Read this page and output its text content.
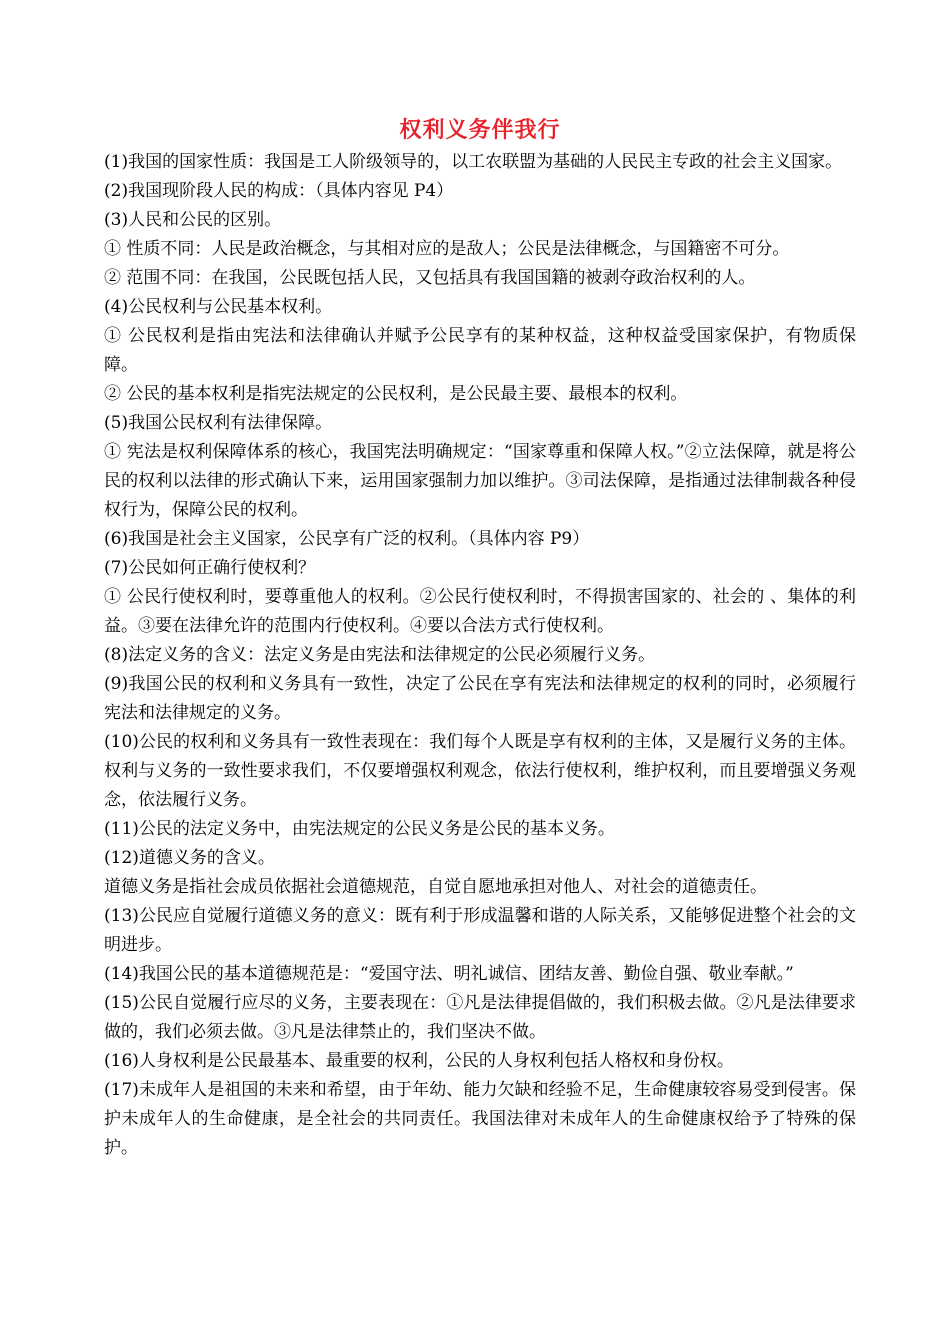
权利义务伴我行

(1)我国的国家性质：我国是工人阶级领导的，以工农联盟为基础的人民民主专政的社会主义国家。

(2)我国现阶段人民的构成：（具体内容见 P4）

(3)人民和公民的区别。

① 性质不同：人民是政治概念，与其相对应的是敌人；公民是法律概念，与国籍密不可分。

② 范围不同：在我国，公民既包括人民，又包括具有我国国籍的被剥夺政治权利的人。

(4)公民权利与公民基本权利。

① 公民权利是指由宪法和法律确认并赋予公民享有的某种权益，这种权益受国家保护，有物质保障。

② 公民的基本权利是指宪法规定的公民权利，是公民最主要、最根本的权利。

(5)我国公民权利有法律保障。

① 宪法是权利保障体系的核心，我国宪法明确规定：“国家尊重和保障人权。”②立法保障，就是将公民的权利以法律的形式确认下来，运用国家强制力加以维护。③司法保障，是指通过法律制裁各种侵权行为，保障公民的权利。

(6)我国是社会主义国家，公民享有广泛的权利。（具体内容 P9）

(7)公民如何正确行使权利？

① 公民行使权利时，要尊重他人的权利。②公民行使权利时，不得损害国家的、社会的 、集体的利益。③要在法律允许的范围内行使权利。④要以合法方式行使权利。

(8)法定义务的含义：法定义务是由宪法和法律规定的公民必须履行义务。

(9)我国公民的权利和义务具有一致性，决定了公民在享有宪法和法律规定的权利的同时，必须履行宪法和法律规定的义务。

(10)公民的权利和义务具有一致性表现在：我们每个人既是享有权利的主体，又是履行义务的主体。权利与义务的一致性要求我们，不仅要增强权利观念，依法行使权利，维护权利，而且要增强义务观念，依法履行义务。

(11)公民的法定义务中，由宪法规定的公民义务是公民的基本义务。

(12)道德义务的含义。

道德义务是指社会成员依据社会道德规范，自觉自愿地承担对他人、对社会的道德责任。

(13)公民应自觉履行道德义务的意义：既有利于形成温馨和谐的人际关系，又能够促进整个社会的文明进步。

(14)我国公民的基本道德规范是：“爱国守法、明礼诚信、团结友善、勤俭自强、敬业奉献。”

(15)公民自觉履行应尽的义务，主要表现在：①凡是法律提倡做的，我们积极去做。②凡是法律要求做的，我们必须去做。③凡是法律禁止的，我们坚决不做。

(16)人身权利是公民最基本、最重要的权利，公民的人身权利包括人格权和身份权。

(17)未成年人是祖国的未来和希望，由于年幼、能力欠缺和经验不足，生命健康较容易受到侵害。保护未成年人的生命健康，是全社会的共同责任。我国法律对未成年人的生命健康权给予了特殊的保护。
